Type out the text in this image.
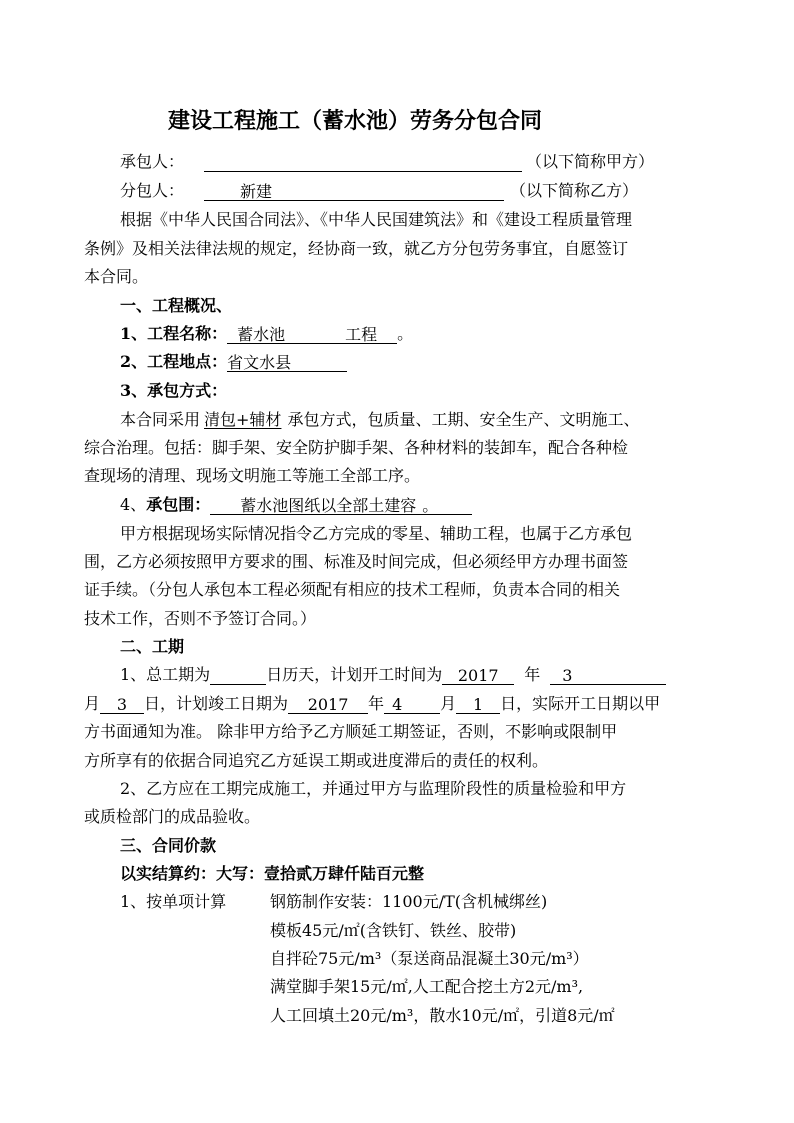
建设工程施工（蓄水池）劳务分包合同
承包人：	（以下简称甲方）
分包人：	新建	（以下简称乙方）
根据《中华人民国合同法》、《中华人民国建筑法》和《建设工程质量管理
条例》及相关法律法规的规定，经协商一致，就乙方分包劳务事宜，自愿签订
本合同。
一、工程概况、
1、工程名称： 蓄水池	工程 。
2、工程地点：省文水县
3、承包方式：
本合同采用 清包+辅材 承包方式，包质量、工期、安全生产、文明施工、
综合治理。包括：脚手架、安全防护脚手架、各种材料的装卸车，配合各种检
查现场的清理、现场文明施工等施工全部工序。
4、承包围： 蓄水池图纸以全部土建容 。
甲方根据现场实际情况指令乙方完成的零星、辅助工程，也属于乙方承包
围，乙方必须按照甲方要求的围、标准及时间完成，但必须经甲方办理书面签
证手续。（分包人承包本工程必须配有相应的技术工程师，负责本合同的相关
技术工作，否则不予签订合同。）
二、工期
1、总工期为	日历天，计划开工时间为 2017 年 3
月 3 日，计划竣工日期为 2017 年 4 月 1 日，实际开工日期以甲
方书面通知为准。 除非甲方给予乙方顺延工期签证，否则，不影响或限制甲
方所享有的依据合同追究乙方延误工期或进度滞后的责任的权利。
2、乙方应在工期完成施工，并通过甲方与监理阶段性的质量检验和甲方
或质检部门的成品验收。
三、合同价款
以实结算约：大写：壹拾贰万肆仟陆百元整
1、按单项计算	钢筋制作安装：1100元/T(含机械绑丝)
模板45元/㎡(含铁钉、铁丝、胶带)
自拌砼75元/m³（泵送商品混凝土30元/m³）
满堂脚手架15元/㎡,人工配合挖土方2元/m³,
人工回填土20元/m³，散水10元/㎡，引道8元/㎡
